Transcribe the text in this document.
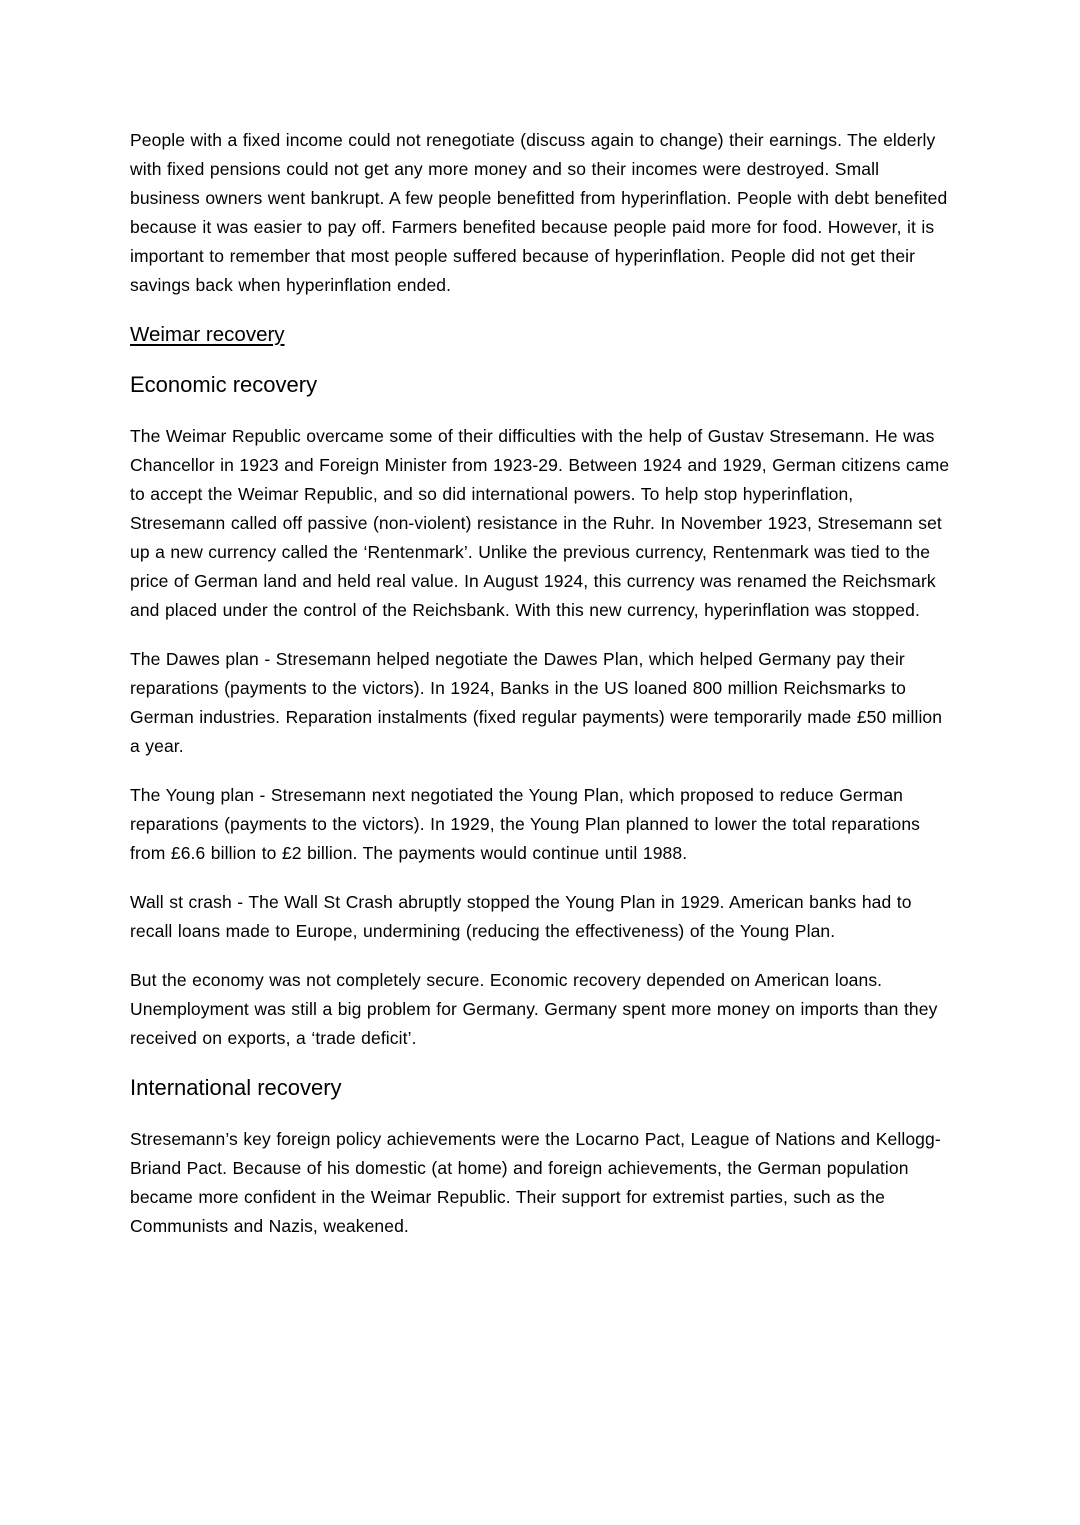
People with a fixed income could not renegotiate (discuss again to change) their earnings. The elderly with fixed pensions could not get any more money and so their incomes were destroyed. Small business owners went bankrupt. A few people benefitted from hyperinflation. People with debt benefited because it was easier to pay off. Farmers benefited because people paid more for food. However, it is important to remember that most people suffered because of hyperinflation. People did not get their savings back when hyperinflation ended.

Weimar recovery
Economic recovery

The Weimar Republic overcame some of their difficulties with the help of Gustav Stresemann. He was Chancellor in 1923 and Foreign Minister from 1923-29. Between 1924 and 1929, German citizens came to accept the Weimar Republic, and so did international powers. To help stop hyperinflation, Stresemann called off passive (non-violent) resistance in the Ruhr. In November 1923, Stresemann set up a new currency called the ‘Rentenmark’. Unlike the previous currency, Rentenmark was tied to the price of German land and held real value. In August 1924, this currency was renamed the Reichsmark and placed under the control of the Reichsbank. With this new currency, hyperinflation was stopped.

The Dawes plan - Stresemann helped negotiate the Dawes Plan, which helped Germany pay their reparations (payments to the victors). In 1924, Banks in the US loaned 800 million Reichsmarks to German industries. Reparation instalments (fixed regular payments) were temporarily made £50 million a year.

The Young plan - Stresemann next negotiated the Young Plan, which proposed to reduce German reparations (payments to the victors). In 1929, the Young Plan planned to lower the total reparations from £6.6 billion to £2 billion. The payments would continue until 1988.

Wall st crash - The Wall St Crash abruptly stopped the Young Plan in 1929. American banks had to recall loans made to Europe, undermining (reducing the effectiveness) of the Young Plan.

But the economy was not completely secure. Economic recovery depended on American loans. Unemployment was still a big problem for Germany. Germany spent more money on imports than they received on exports, a ‘trade deficit’.

International recovery

Stresemann’s key foreign policy achievements were the Locarno Pact, League of Nations and Kellogg-Briand Pact. Because of his domestic (at home) and foreign achievements, the German population became more confident in the Weimar Republic. Their support for extremist parties, such as the Communists and Nazis, weakened.
